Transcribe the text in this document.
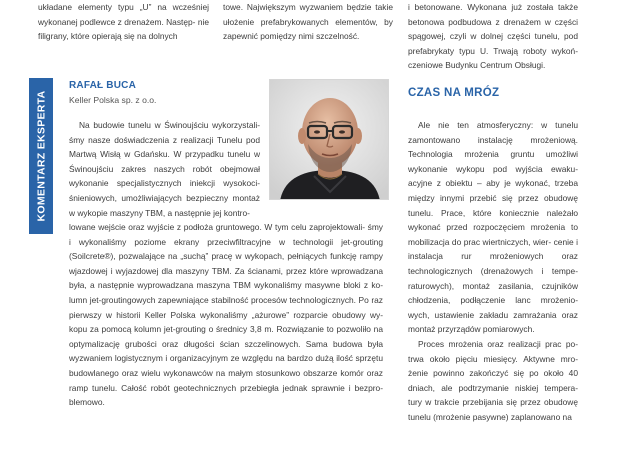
układane elementy typu „U” na wcześniej wykonanej podlewce z drenażem. Następ- nie filigrany, które opierają się na dolnych
towe. Największym wyzwaniem będzie takie ułożenie prefabrykowanych elementów, by zapewnić pomiędzy nimi szczelność.
i betonowane. Wykonana już została także betonowa podbudowa z drenażem w części spągowej, czyli w dolnej części tunelu, pod prefabrykaty typu U. Trwają roboty wykoń- czeniowe Budynku Centrum Obsługi.
KOMENTARZ EKSPERTA
RAFAŁ BUCA
Keller Polska sp. z o.o.
Na budowie tunelu w Świnoujściu wykorzystali- śmy nasze doświadczenia z realizacji Tunelu pod Martwą Wisłą w Gdańsku. W przypadku tunelu w Świnoujściu zakres naszych robót obejmował wykonanie specjalistycznych iniekcji wysokoci- śnieniowych, umożliwiających bezpieczny montaż w wykopie maszyny TBM, a następnie jej kontro-
lowane wejście oraz wyjście z podłoża gruntowego. W tym celu zaprojektowali- śmy i wykonaliśmy poziome ekrany przeciwfiltracyjne w technologii jet-grouting (Soilcrete®), pozwalające na „suchą” pracę w wykopach, pełniących funkcję rampy wjazdowej i wyjazdowej dla maszyny TBM. Za ścianami, przez które wprowadzana była, a następnie wyprowadzana maszyna TBM wykonaliśmy masywne bloki z ko- lumn jet-groutingowych zapewniające stabilność procesów technologicznych. Po raz pierwszy w historii Keller Polska wykonaliśmy „ażurowe” rozparcie obudowy wy- kopu za pomocą kolumn jet-grouting o średnicy 3,8 m. Rozwiązanie to pozwoliło na optymalizację grubości oraz długości ścian szczelinowych. Sama budowa była wyzwaniem logistycznym i organizacyjnym ze względu na bardzo dużą ilość sprzętu budowlanego oraz wielu wykonawców na małym stosunkowo obszarze komór oraz ramp tunelu. Całość robót geotechnicznych przebiegła jednak sprawnie i bezpro- blemowo.
CZAS NA MRÓZ
Ale nie ten atmosferyczny: w tunelu zamontowano instalację mrożeniową. Technologia mrożenia gruntu umożliwi wykonanie wykopu pod wyjścia ewaku- acyjne z obiektu – aby je wykonać, trzeba między innymi przebić się przez obudowę tunelu. Prace, które koniecznie należało wykonać przed rozpoczęciem mrożenia to mobilizacja do prac wiertniczych, wier- cenie i instalacja rur mrożeniowych oraz technologicznych (drenażowych i tempe- raturowych), montaż zasilania, czujników chłodzenia, podłączenie lanc mrożenio- wych, ustawienie zakładu zamrażania oraz montaż przyrządów pomiarowych.
Proces mrożenia oraz realizacji prac po- trwa około pięciu miesięcy. Aktywne mro- żenie powinno zakończyć się po około 40 dniach, ale podtrzymanie niskiej tempera- tury w trakcie przebijania się przez obudowę tunelu (mrożenie pasywne) zaplanowano na
